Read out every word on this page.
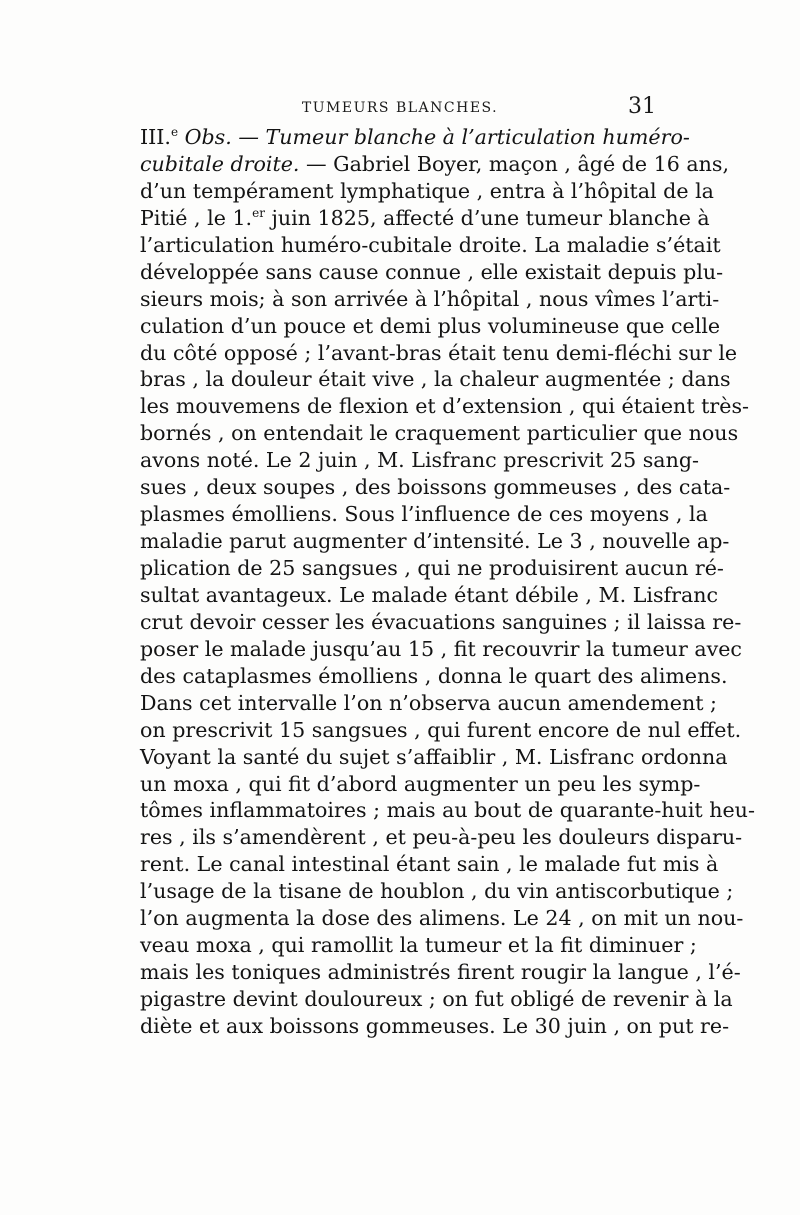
TUMEURS BLANCHES.	31
III.$^e$ Obs. — Tumeur blanche à l’articulation huméro-
cubitale droite. — Gabriel Boyer, maçon , âgé de 16 ans,
d’un tempérament lymphatique , entra à l’hôpital de la
Pitié , le 1.$^{er}$ juin 1825, affecté d’une tumeur blanche à
l’articulation huméro-cubitale droite. La maladie s’était
développée sans cause connue , elle existait depuis plu-
sieurs mois; à son arrivée à l’hôpital , nous vîmes l’arti-
culation d’un pouce et demi plus volumineuse que celle
du côté opposé ; l’avant-bras était tenu demi-fléchi sur le
bras , la douleur était vive , la chaleur augmentée ; dans
les mouvemens de flexion et d’extension , qui étaient très-
bornés , on entendait le craquement particulier que nous
avons noté. Le 2 juin , M. Lisfranc prescrivit 25 sang-
sues , deux soupes , des boissons gommeuses , des cata-
plasmes émolliens. Sous l’influence de ces moyens , la
maladie parut augmenter d’intensité. Le 3 , nouvelle ap-
plication de 25 sangsues , qui ne produisirent aucun ré-
sultat avantageux. Le malade étant débile , M. Lisfranc
crut devoir cesser les évacuations sanguines ; il laissa re-
poser le malade jusqu’au 15 , fit recouvrir la tumeur avec
des cataplasmes émolliens , donna le quart des alimens.
Dans cet intervalle l’on n’observa aucun amendement ;
on prescrivit 15 sangsues , qui furent encore de nul effet.
Voyant la santé du sujet s’affaiblir , M. Lisfranc ordonna
un moxa , qui fit d’abord augmenter un peu les symp-
tômes inflammatoires ; mais au bout de quarante-huit heu-
res , ils s’amendèrent , et peu-à-peu les douleurs disparu-
rent. Le canal intestinal étant sain , le malade fut mis à
l’usage de la tisane de houblon , du vin antiscorbutique ;
l’on augmenta la dose des alimens. Le 24 , on mit un nou-
veau moxa , qui ramollit la tumeur et la fit diminuer ;
mais les toniques administrés firent rougir la langue , l’é-
pigastre devint douloureux ; on fut obligé de revenir à la
diète et aux boissons gommeuses. Le 30 juin , on put re-
